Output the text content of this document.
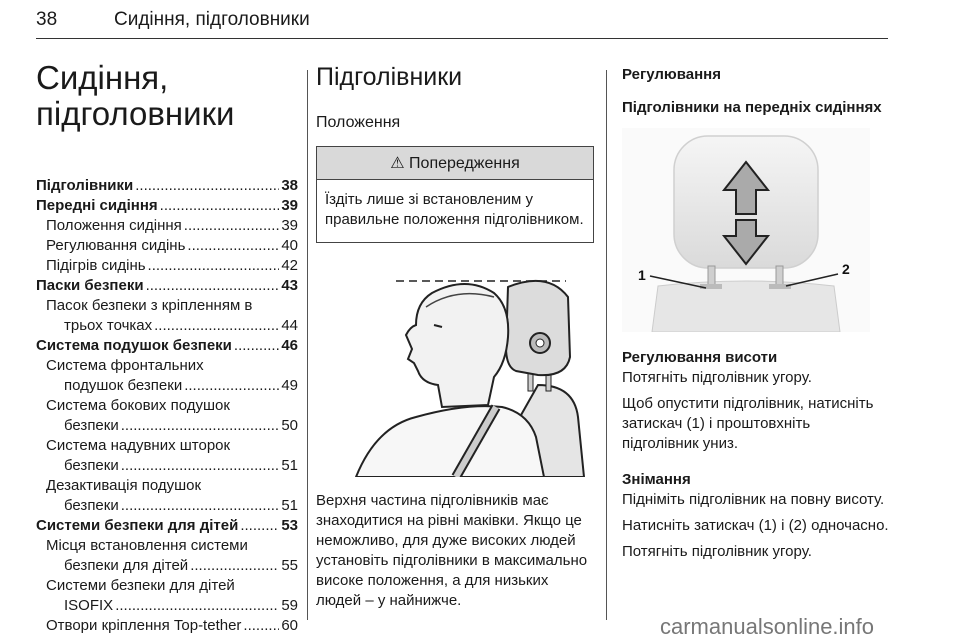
38	Сидіння, підголовники
Сидіння,
підголовники
Підголівники .....	38
Передні сидіння .....	39
Положення сидіння .....	39
Регулювання сидінь .....	40
Підігрів сидінь .....	42
Паски безпеки .....	43
Пасок безпеки з кріпленням в
трьох точках .....	44
Система подушок безпеки .....	46
Система фронтальних
подушок безпеки .....	49
Система бокових подушок
безпеки .....	50
Система надувних шторок
безпеки .....	51
Дезактивація подушок
безпеки .....	51
Системи безпеки для дітей .....	53
Місця встановлення системи
безпеки для дітей .....	55
Системи безпеки для дітей
ISOFIX .....	59
Отвори кріплення Top-tether .....	60
Підголівники
Положення
⚠ Попередження
Їздіть лише зі встановленим у правильне положення підголівником.

Верхня частина підголівників має знаходитися на рівні маківки. Якщо це неможливо, для дуже високих людей установіть підголівники в максимально високе положення, а для низьких людей – у найнижче.

Регулювання
Підголівники на передніх сидіннях
1	2
Регулювання висоти

Потягніть підголівник угору.

Щоб опустити підголівник, натисніть затискач (1) і проштовхніть підголівник униз.

Знімання

Підніміть підголівник на повну висоту.

Натисніть затискач (1) і (2) одночасно.

Потягніть підголівник угору.

carmanualsonline.info
